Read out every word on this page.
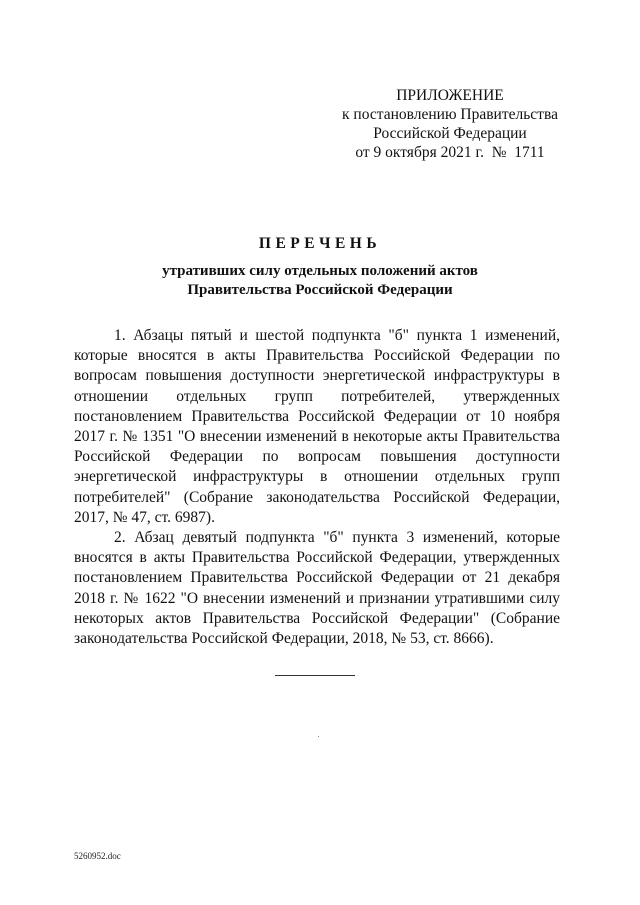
ПРИЛОЖЕНИЕ
к постановлению Правительства
Российской Федерации
от 9 октября 2021 г.  №  1711
ПЕРЕЧЕНЬ
утративших силу отдельных положений актов
Правительства Российской Федерации

1. Абзацы пятый и шестой подпункта "б" пункта 1 изменений, которые вносятся в акты Правительства Российской Федерации по вопросам повышения доступности энергетической инфраструктуры в отношении отдельных групп потребителей, утвержденных постановлением Правительства Российской Федерации от 10 ноября 2017 г. № 1351 "О внесении изменений в некоторые акты Правительства Российской Федерации по вопросам повышения доступности энергетической инфраструктуры в отношении отдельных групп потребителей" (Собрание законодательства Российской Федерации, 2017, № 47, ст. 6987).

2. Абзац девятый подпункта "б" пункта 3 изменений, которые вносятся в акты Правительства Российской Федерации, утвержденных постановлением Правительства Российской Федерации от 21 декабря 2018 г. № 1622 "О внесении изменений и признании утратившими силу некоторых актов Правительства Российской Федерации" (Собрание законодательства Российской Федерации, 2018, № 53, ст. 8666).

5260952.doc
